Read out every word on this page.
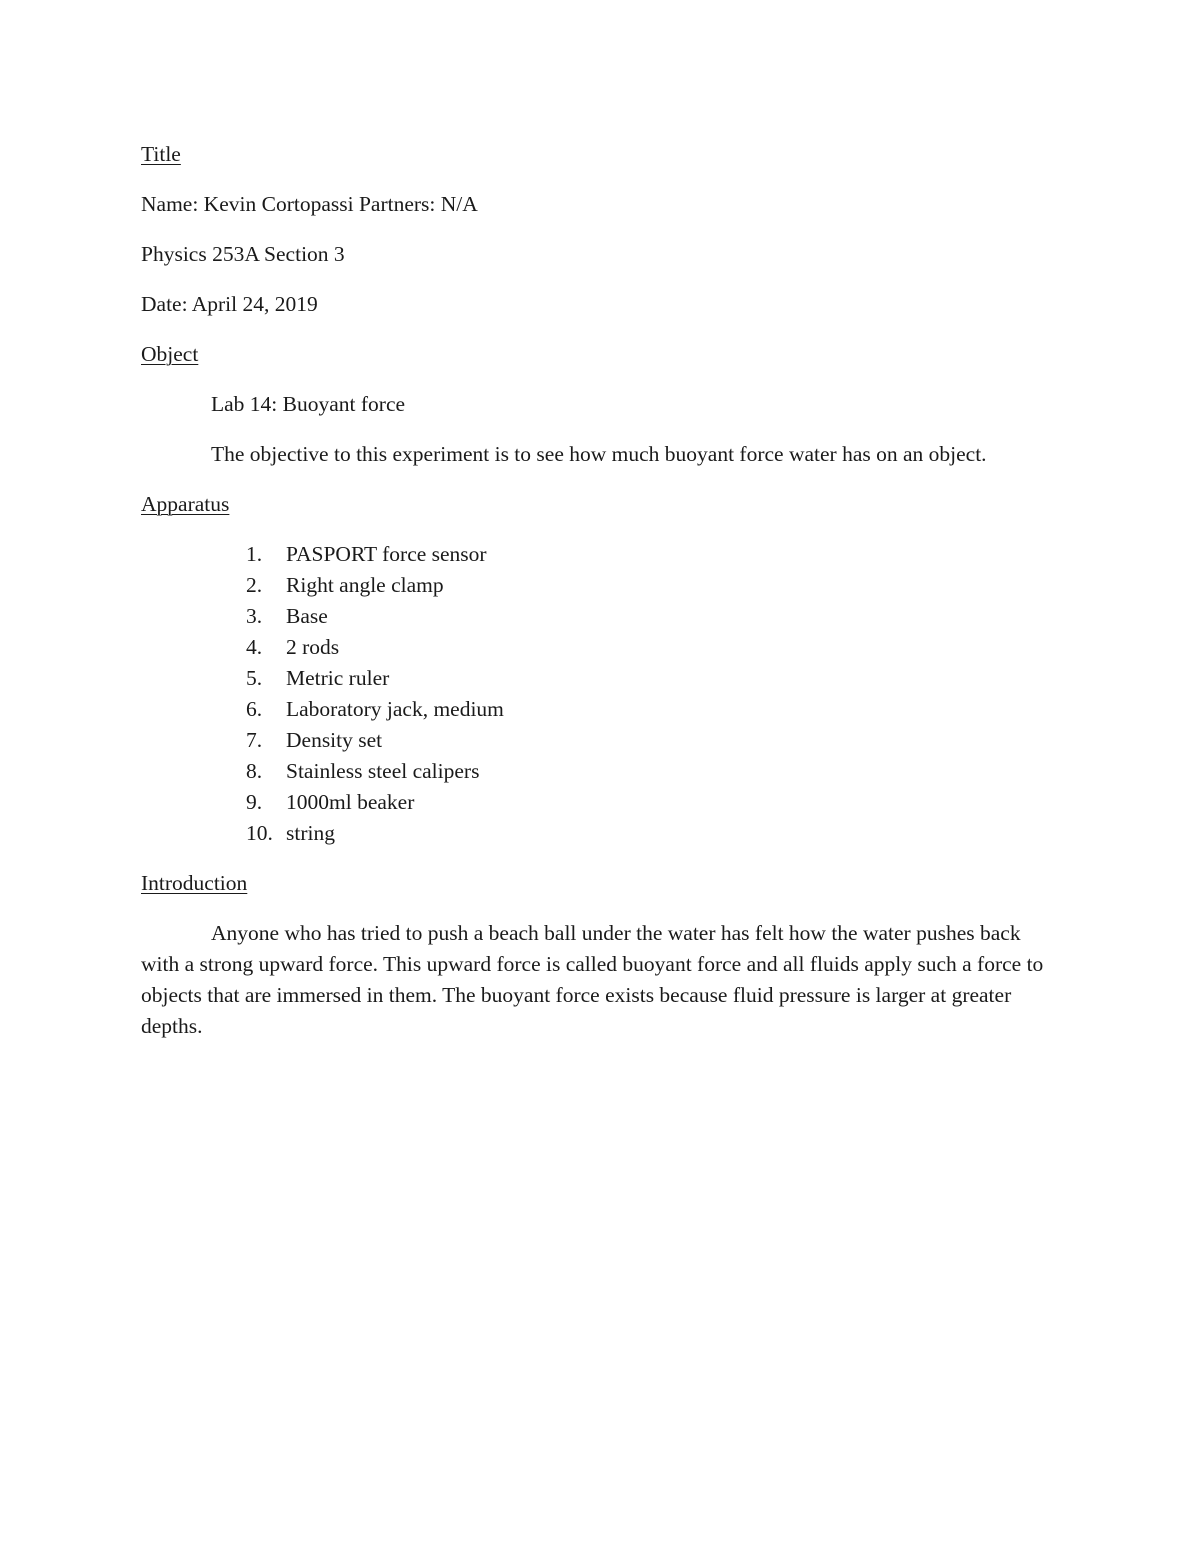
Title

Name: Kevin Cortopassi Partners: N/A

Physics 253A Section 3

Date: April 24, 2019

Object

Lab 14: Buoyant force

The objective to this experiment is to see how much buoyant force water has on an object.

Apparatus

1.	PASPORT force sensor
2.	Right angle clamp
3.	Base
4.	2 rods
5.	Metric ruler
6.	Laboratory jack, medium
7.	Density set
8.	Stainless steel calipers
9.	1000ml beaker
10. string

Introduction

Anyone who has tried to push a beach ball under the water has felt how the water pushes back with a strong upward force. This upward force is called buoyant force and all fluids apply such a force to objects that are immersed in them. The buoyant force exists because fluid pressure is larger at greater depths.
